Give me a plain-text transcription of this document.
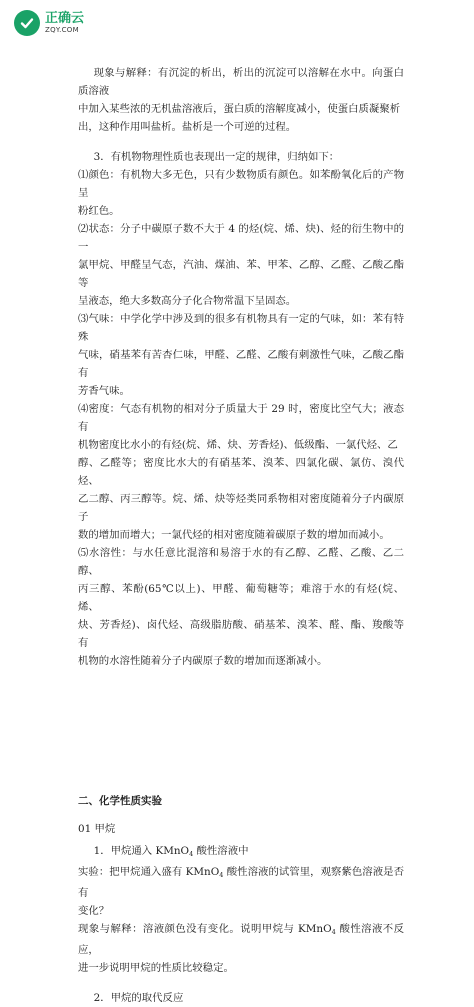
正确云
ZQY.COM

现象与解释：有沉淀的析出，析出的沉淀可以溶解在水中。向蛋白质溶液

中加入某些浓的无机盐溶液后，蛋白质的溶解度减小，使蛋白质凝聚析

出，这种作用叫盐析。盐析是一个可逆的过程。

3．有机物物理性质也表现出一定的规律，归纳如下：

⑴颜色：有机物大多无色，只有少数物质有颜色。如苯酚氧化后的产物呈

粉红色。

⑵状态：分子中碳原子数不大于 4 的烃(烷、烯、炔)、烃的衍生物中的一

氯甲烷、甲醛呈气态，汽油、煤油、苯、甲苯、乙醇、乙醛、乙酸乙酯等

呈液态，绝大多数高分子化合物常温下呈固态。

⑶气味：中学化学中涉及到的很多有机物具有一定的气味，如：苯有特殊

气味，硝基苯有苦杏仁味，甲醛、乙醛、乙酸有刺激性气味，乙酸乙酯有

芳香气味。

⑷密度：气态有机物的相对分子质量大于 29 时，密度比空气大；液态有

机物密度比水小的有烃(烷、烯、炔、芳香烃)、低级酯、一氯代烃、乙

醇、乙醛等；密度比水大的有硝基苯、溴苯、四氯化碳、氯仿、溴代烃、

乙二醇、丙三醇等。烷、烯、炔等烃类同系物相对密度随着分子内碳原子

数的增加而增大；一氯代烃的相对密度随着碳原子数的增加而减小。

⑸水溶性：与水任意比混溶和易溶于水的有乙醇、乙醛、乙酸、乙二醇、

丙三醇、苯酚(65℃以上)、甲醛、葡萄糖等；难溶于水的有烃(烷、烯、

炔、芳香烃)、卤代烃、高级脂肪酸、硝基苯、溴苯、醛、酯、羧酸等有

机物的水溶性随着分子内碳原子数的增加而逐渐减小。

二、化学性质实验

01 甲烷

1．甲烷通入 KMnO$_4$ 酸性溶液中

实验：把甲烷通入盛有 KMnO$_4$ 酸性溶液的试管里，观察紫色溶液是否有

变化？

现象与解释：溶液颜色没有变化。说明甲烷与 KMnO$_4$ 酸性溶液不反应，

进一步说明甲烷的性质比较稳定。

2．甲烷的取代反应
